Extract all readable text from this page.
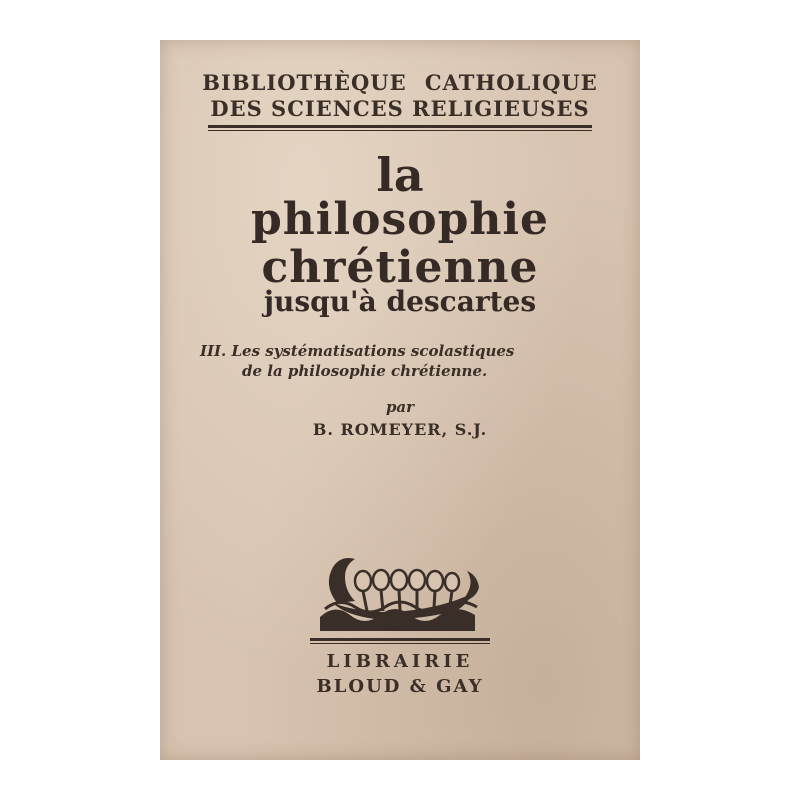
BIBLIOTHÈQUE CATHOLIQUE
DES SCIENCES RELIGIEUSES
la
philosophie
chrétienne
jusqu'à descartes
III. Les systématisations scolastiques
de la philosophie chrétienne.
par
B. ROMEYER, S.J.
LIBRAIRIE
BLOUD & GAY
